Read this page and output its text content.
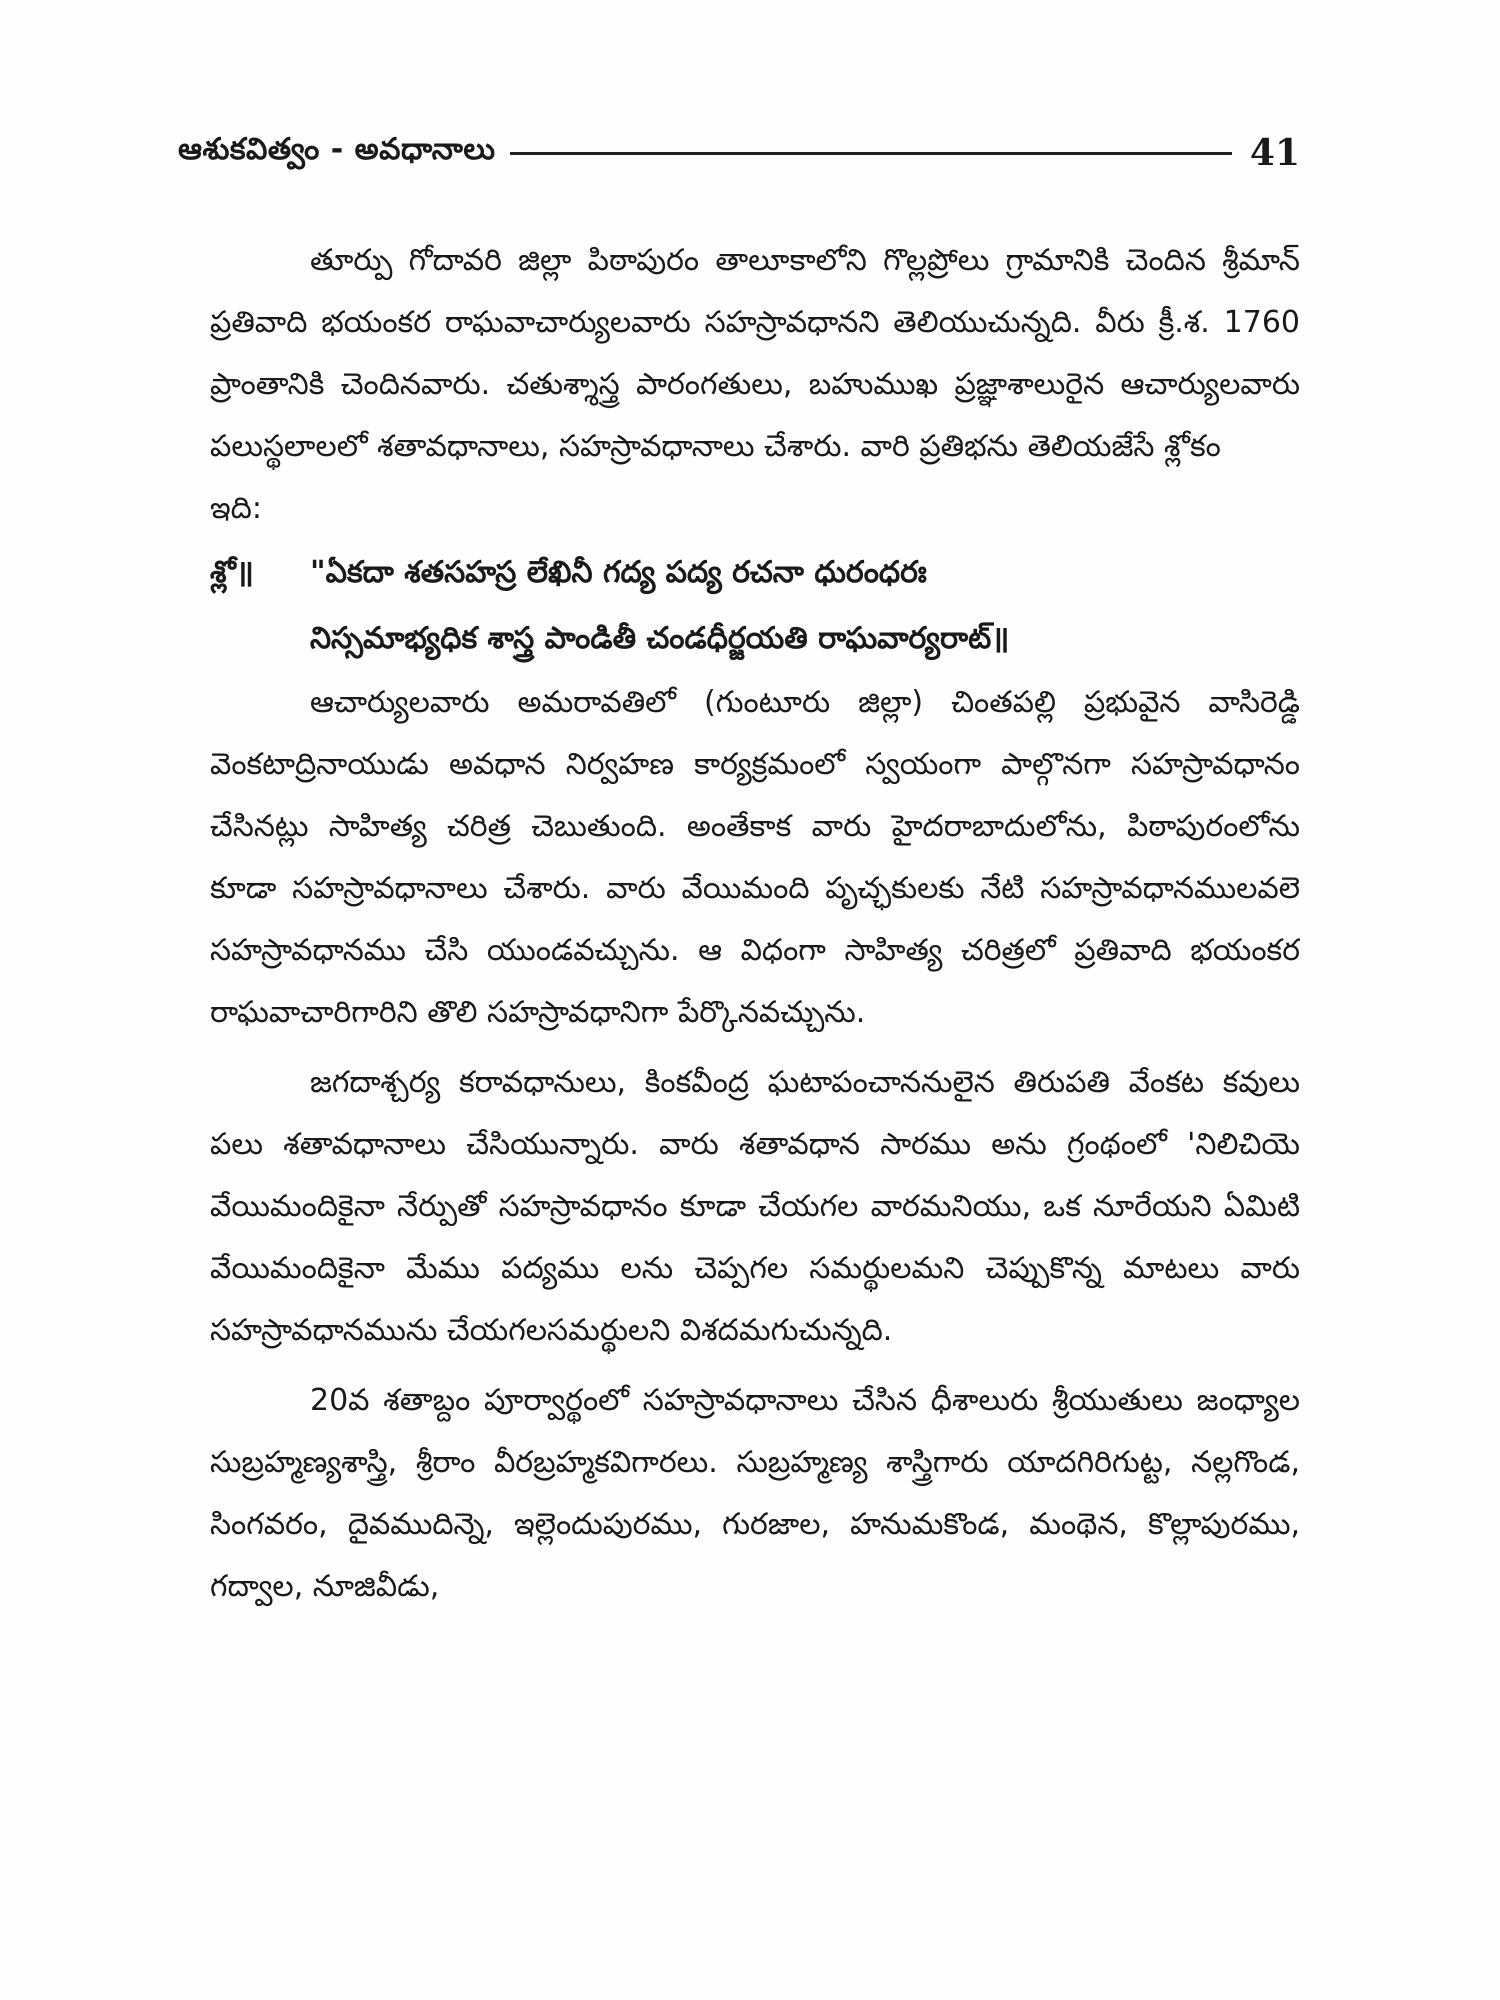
ఆశుకవిత్వం - అవధానాలు	41

తూర్పు గోదావరి జిల్లా పిఠాపురం తాలూకాలోని గొల్లప్రోలు గ్రామానికి చెందిన శ్రీమాన్ ప్రతివాది భయంకర రాఘవాచార్యులవారు సహస్రావధానని తెలియుచున్నది. వీరు క్రీ.శ. 1760 ప్రాంతానికి చెందినవారు. చతుశ్శాస్త్ర పారంగతులు, బహుముఖ ప్రజ్ఞాశాలురైన ఆచార్యులవారు పలుస్థలాలలో శతావధానాలు, సహస్రావధానాలు చేశారు. వారి ప్రతిభను తెలియజేసే శ్లోకం

ఇది:

శ్లో॥	"ఏకదా శతసహస్ర లేఖినీ గద్య పద్య రచనా ధురంధరః
నిస్సమాభ్యధిక శాస్త్ర పాండితీ చండధీర్జయతి రాఘవార్యరాట్॥

ఆచార్యులవారు అమరావతిలో (గుంటూరు జిల్లా) చింతపల్లి ప్రభువైన వాసిరెడ్డి వెంకటాద్రినాయుడు అవధాన నిర్వహణ కార్యక్రమంలో స్వయంగా పాల్గొనగా సహస్రావధానం చేసినట్లు సాహిత్య చరిత్ర చెబుతుంది. అంతేకాక వారు హైదరాబాదులోను, పిఠాపురంలోను కూడా సహస్రావధానాలు చేశారు. వారు వేయిమంది పృచ్ఛకులకు నేటి సహస్రావధానములవలె సహస్రావధానము చేసి యుండవచ్చును. ఆ విధంగా సాహిత్య చరిత్రలో ప్రతివాది భయంకర రాఘవాచారిగారిని తొలి సహస్రావధానిగా పేర్కొనవచ్చును.

జగదాశ్చర్య కరావధానులు, కింకవీంద్ర ఘటాపంచాననులైన తిరుపతి వేంకట కవులు పలు శతావధానాలు చేసియున్నారు. వారు శతావధాన సారము అను గ్రంథంలో 'నిలిచియె వేయిమందికైనా నేర్పుతో సహస్రావధానం కూడా చేయగల వారమనియు, ఒక నూరేయని ఏమిటి వేయిమందికైనా మేము పద్యము లను చెప్పగల సమర్థులమని చెప్పుకొన్న మాటలు వారు సహస్రావధానమును చేయగలసమర్థులని విశదమగుచున్నది.

20వ శతాబ్దం పూర్వార్థంలో సహస్రావధానాలు చేసిన ధీశాలురు శ్రీయుతులు జంధ్యాల సుబ్రహ్మణ్యశాస్త్రి, శ్రీరాం వీరబ్రహ్మకవిగారలు. సుబ్రహ్మణ్య శాస్త్రిగారు యాదగిరిగుట్ట, నల్లగొండ, సింగవరం, దైవముదిన్నె, ఇల్లెందుపురము, గురజాల, హనుమకొండ, మంథెన, కొల్లాపురము, గద్వాల, నూజివీడు,
